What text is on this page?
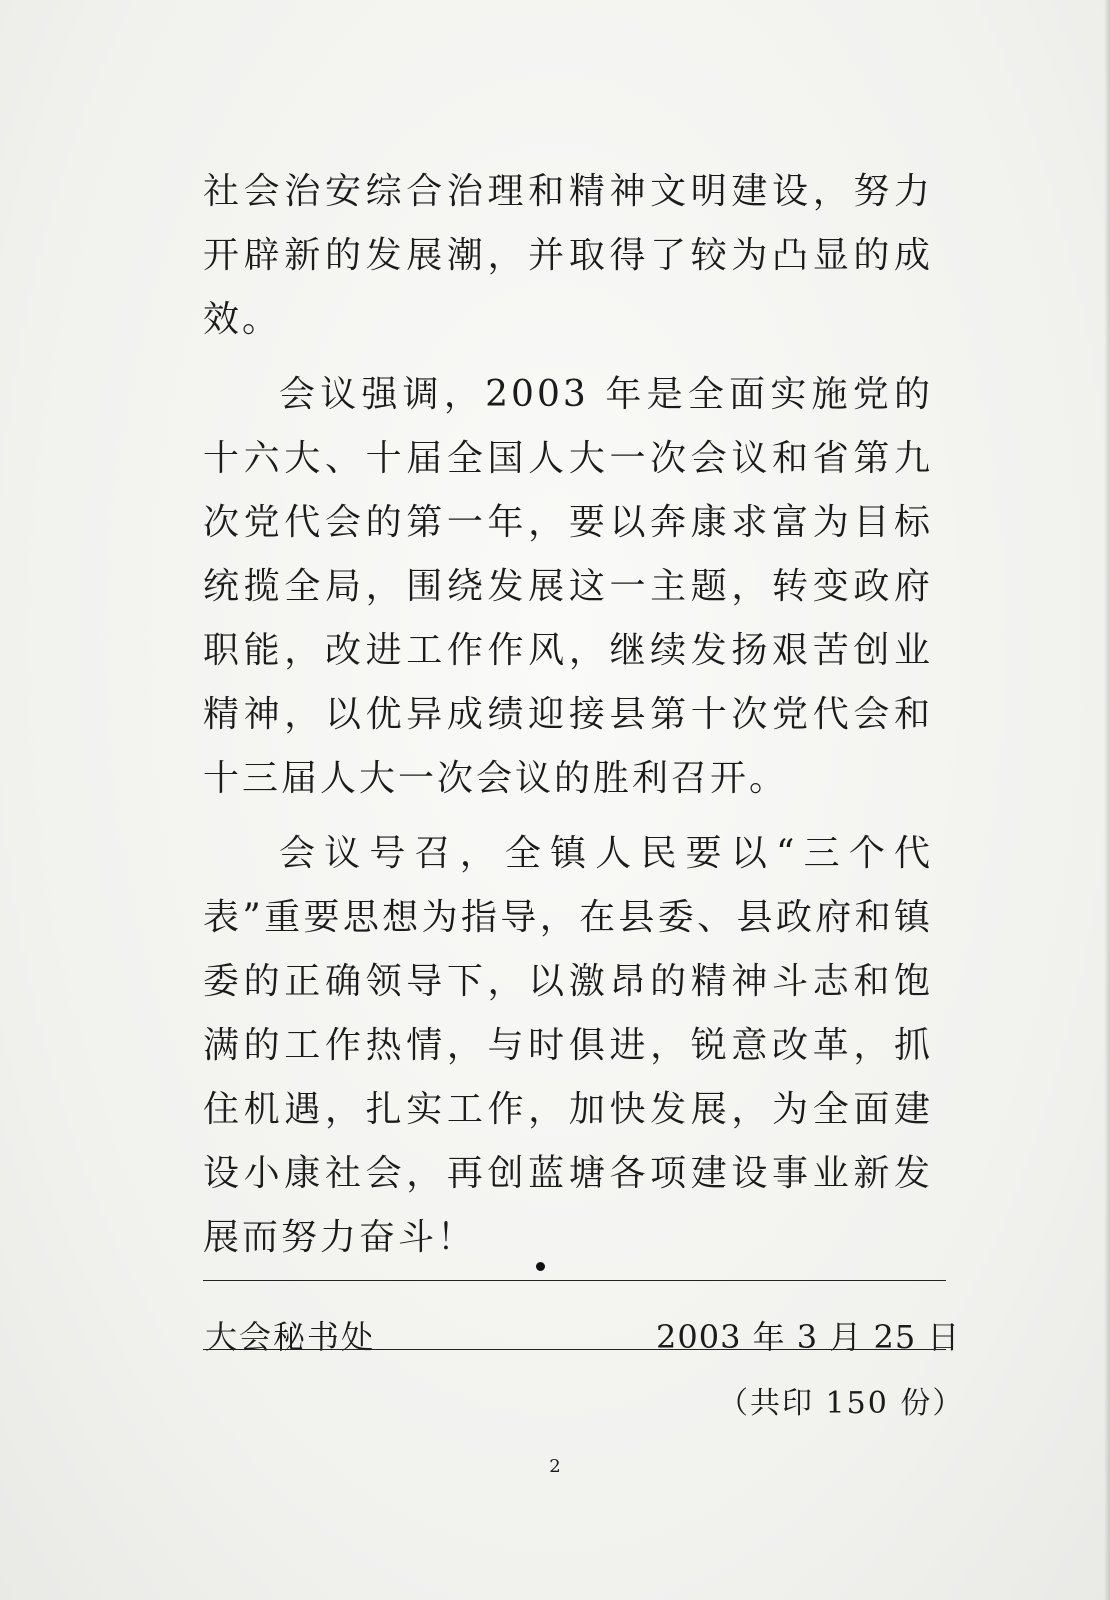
社会治安综合治理和精神文明建设，努力开辟新的发展潮，并取得了较为凸显的成效。

会议强调，2003 年是全面实施党的十六大、十届全国人大一次会议和省第九次党代会的第一年，要以奔康求富为目标统揽全局，围绕发展这一主题，转变政府职能，改进工作作风，继续发扬艰苦创业精神，以优异成绩迎接县第十次党代会和十三届人大一次会议的胜利召开。

会议号召，全镇人民要以“三个代表”重要思想为指导，在县委、县政府和镇委的正确领导下，以激昂的精神斗志和饱满的工作热情，与时俱进，锐意改革，抓住机遇，扎实工作，加快发展，为全面建设小康社会，再创蓝塘各项建设事业新发展而努力奋斗！

大会秘书处	2003 年 3 月 25 日
（共印 150 份）
2
